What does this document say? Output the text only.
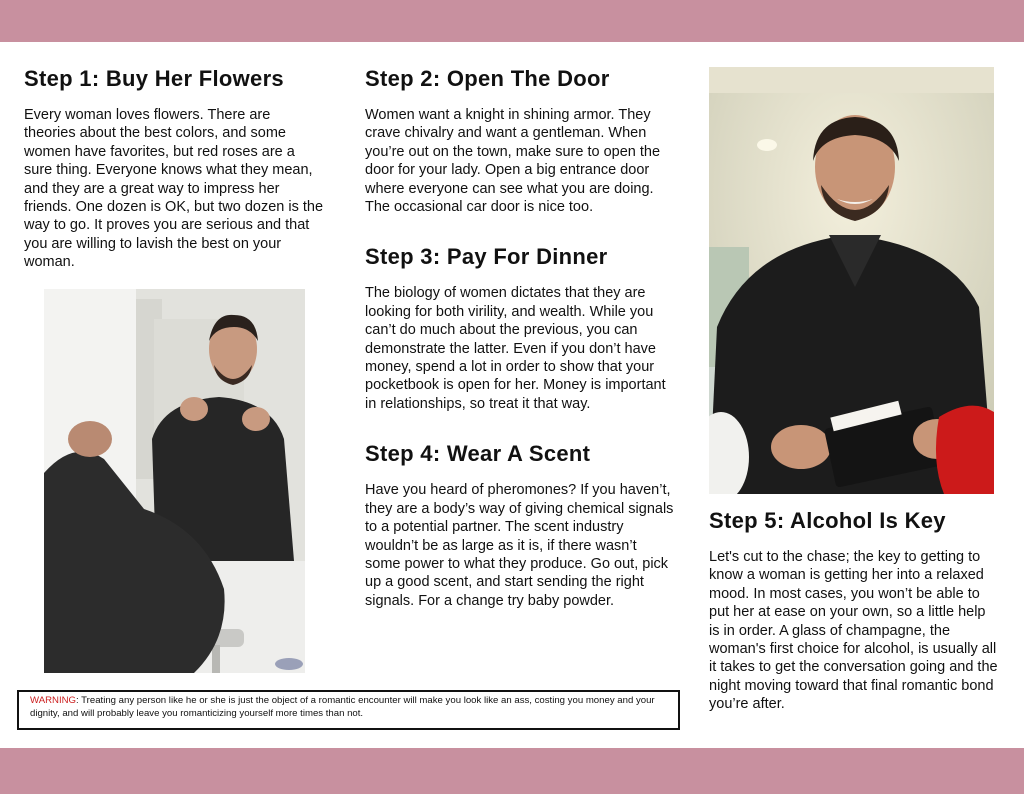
Step 1: Buy Her Flowers

Every woman loves flowers. There are theories about the best colors, and some women have favorites, but red roses are a sure thing. Everyone knows what they mean, and they are a great way to impress her friends. One dozen is OK, but two dozen is the way to go. It proves you are serious and that you are willing to lavish the best on your woman.

Step 2: Open The Door

Women want a knight in shining armor. They crave chivalry and want a gentleman. When you’re out on the town, make sure to open the door for your lady. Open a big entrance door where everyone can see what you are doing. The occasional car door is nice too.

Step 3: Pay For Dinner

The biology of women dictates that they are looking for both virility, and wealth. While you can’t do much about the previous, you can demonstrate the latter. Even if you don’t have money, spend a lot in order to show that your pocketbook is open for her. Money is important in relationships, so treat it that way.

Step 4: Wear A Scent

Have you heard of pheromones? If you haven’t, they are a body’s way of giving chemical signals to a potential partner. The scent industry wouldn’t be as large as it is, if there wasn’t some power to what they produce. Go out, pick up a good scent, and start sending the right signals. For a change try baby powder.

Step 5: Alcohol Is Key

Let's cut to the chase; the key to getting to know a woman is getting her into a relaxed mood. In most cases, you won’t be able to put her at ease on your own, so a little help is in order. A glass of champagne, the woman's first choice for alcohol, is usually all it takes to get the conversation going and the night moving toward that final romantic bond you’re after.

WARNING: Treating any person like he or she is just the object of a romantic encounter will make you look like an ass, costing you money and your dignity, and will probably leave you romanticizing yourself more times than not.
